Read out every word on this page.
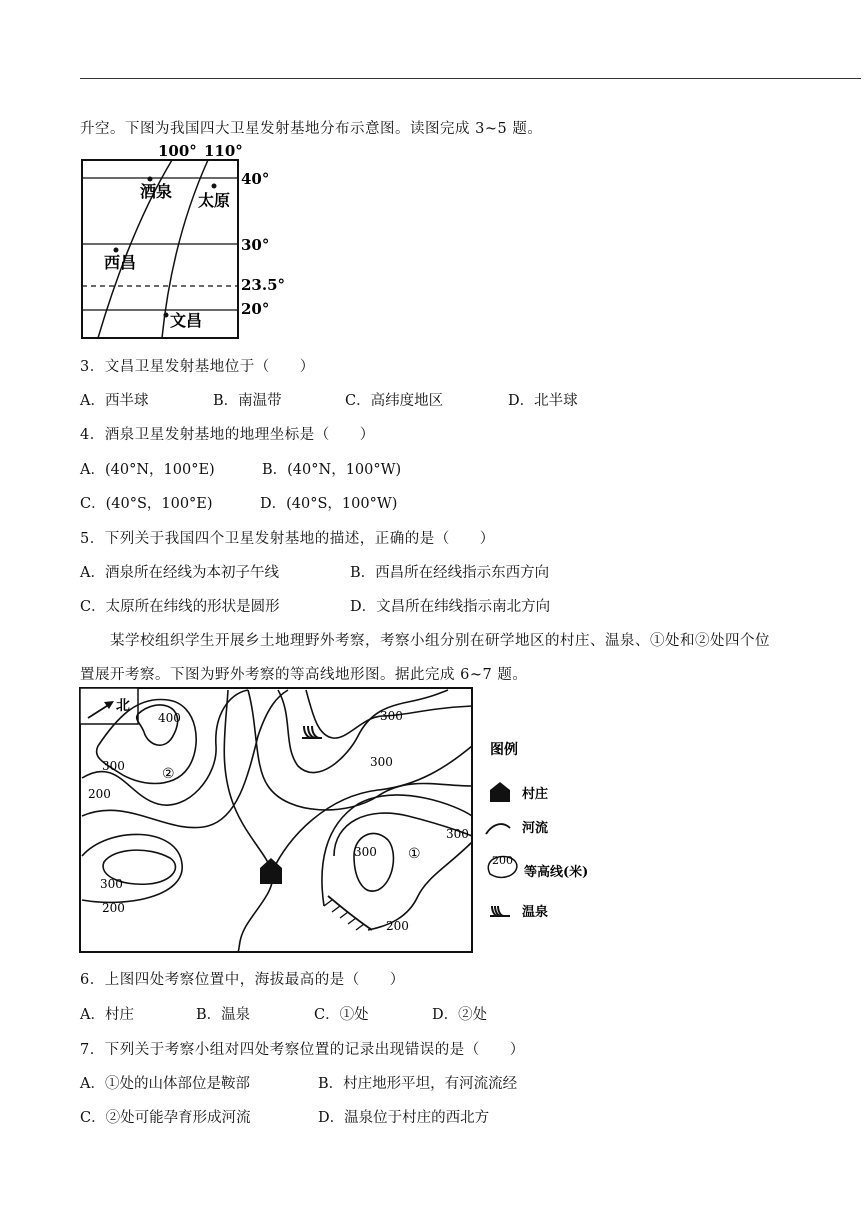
升空。下图为我国四大卫星发射基地分布示意图。读图完成 3~5 题。
100° 110°
40°
30°
23.5°
20°
酒泉 太原
西昌
文昌
3．文昌卫星发射基地位于（　　）
A．西半球	B．南温带	C．高纬度地区	D．北半球
4．酒泉卫星发射基地的地理坐标是（　　）
A．(40°N，100°E)	B．(40°N，100°W)
C．(40°S，100°E)	D．(40°S，100°W)
5．下列关于我国四个卫星发射基地的描述，正确的是（　　）
A．酒泉所在经线为本初子午线	B．西昌所在经线指示东西方向
C．太原所在纬线的形状是圆形	D．文昌所在纬线指示南北方向
某学校组织学生开展乡土地理野外考察，考察小组分别在研学地区的村庄、温泉、①处和②处四个位
置展开考察。下图为野外考察的等高线地形图。据此完成 6~7 题。
北
400
300
200
300
200
300
300
300
200
300
②
①
图例
村庄
河流
200
等高线(米)
温泉
6．上图四处考察位置中，海拔最高的是（　　）
A．村庄	B．温泉	C．①处	D．②处
7．下列关于考察小组对四处考察位置的记录出现错误的是（　　）
A．①处的山体部位是鞍部	B．村庄地形平坦，有河流流经
C．②处可能孕育形成河流	D．温泉位于村庄的西北方
